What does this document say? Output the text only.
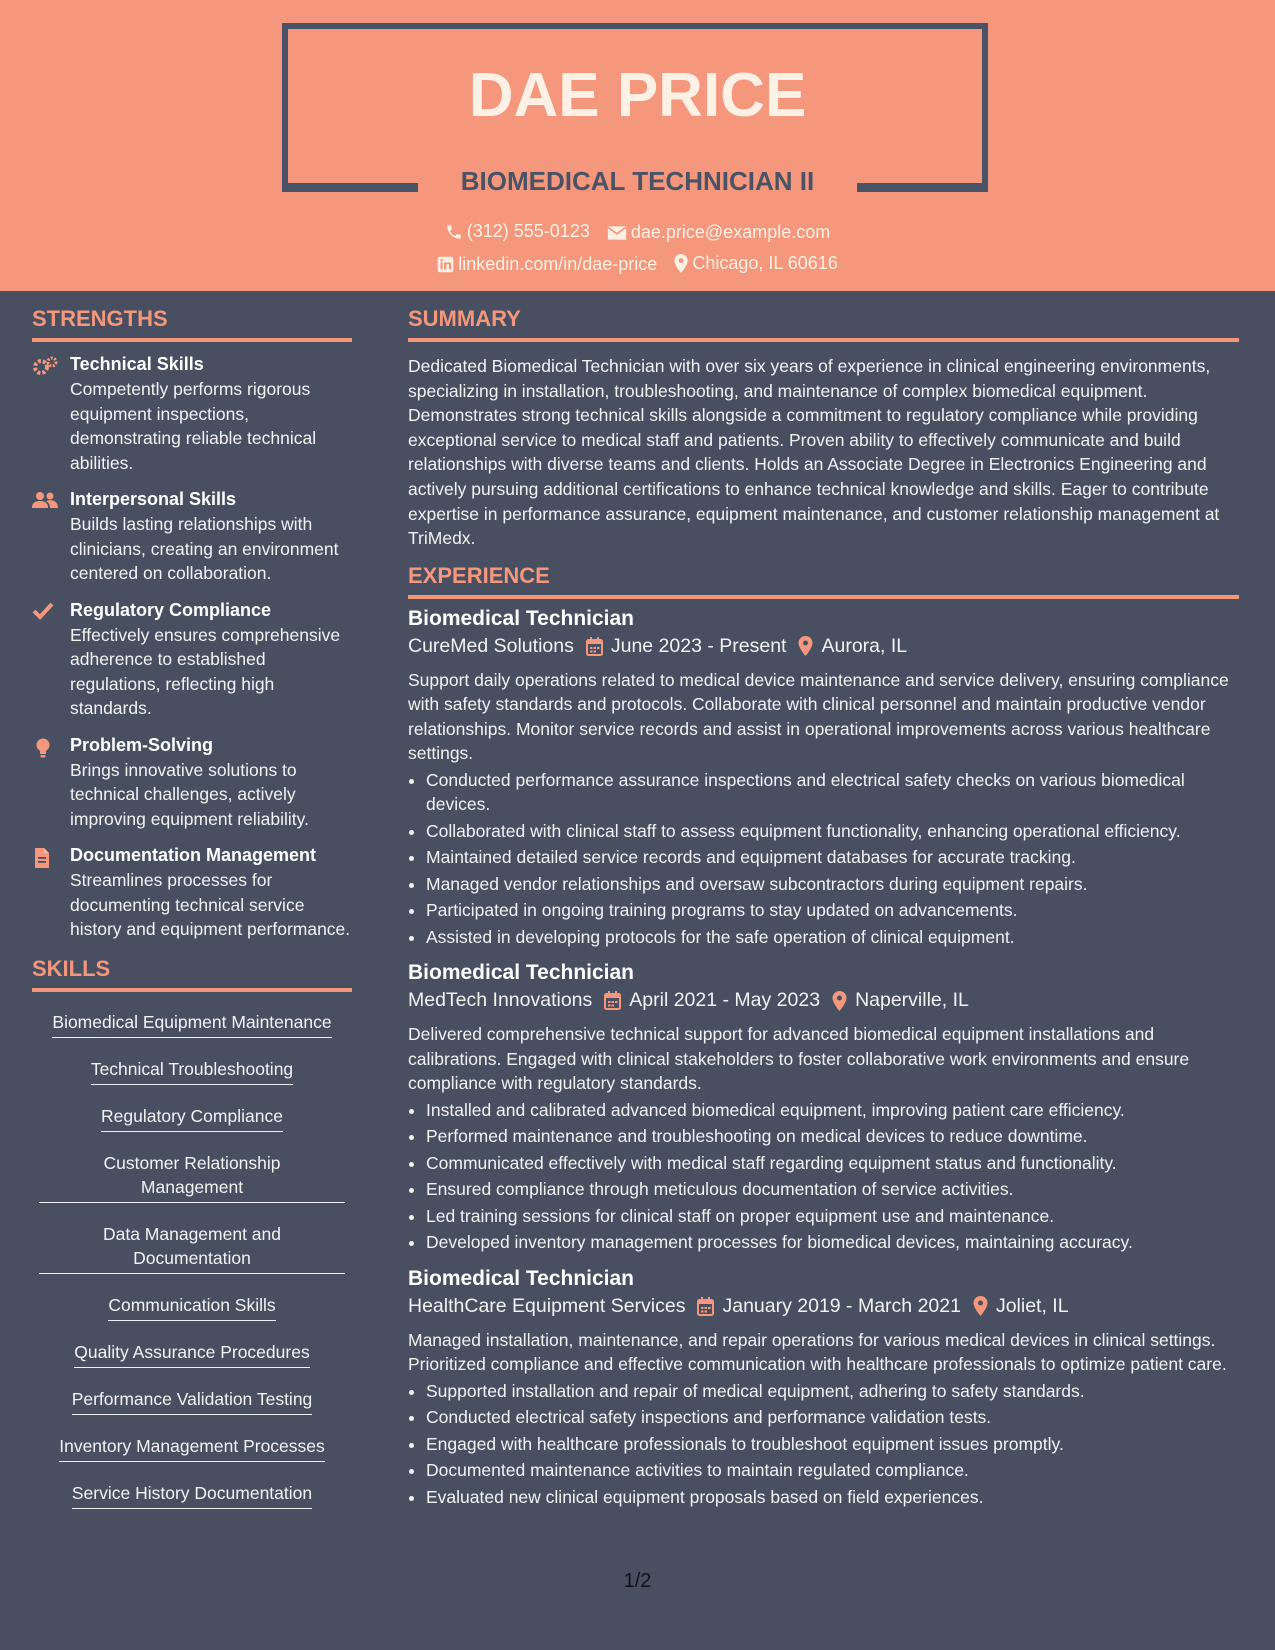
DAE PRICE
BIOMEDICAL TECHNICIAN II
(312) 555-0123
dae.price@example.com
linkedin.com/in/dae-price
Chicago, IL 60616
STRENGTHS
Technical Skills
Competently performs rigorous equipment inspections, demonstrating reliable technical abilities.
Interpersonal Skills
Builds lasting relationships with clinicians, creating an environment centered on collaboration.
Regulatory Compliance
Effectively ensures comprehensive adherence to established regulations, reflecting high standards.
Problem-Solving
Brings innovative solutions to technical challenges, actively improving equipment reliability.
Documentation Management
Streamlines processes for documenting technical service history and equipment performance.
SKILLS
Biomedical Equipment Maintenance
Technical Troubleshooting
Regulatory Compliance
Customer Relationship Management
Data Management and Documentation
Communication Skills
Quality Assurance Procedures
Performance Validation Testing
Inventory Management Processes
Service History Documentation
SUMMARY
Dedicated Biomedical Technician with over six years of experience in clinical engineering environments, specializing in installation, troubleshooting, and maintenance of complex biomedical equipment. Demonstrates strong technical skills alongside a commitment to regulatory compliance while providing exceptional service to medical staff and patients. Proven ability to effectively communicate and build relationships with diverse teams and clients. Holds an Associate Degree in Electronics Engineering and actively pursuing additional certifications to enhance technical knowledge and skills. Eager to contribute expertise in performance assurance, equipment maintenance, and customer relationship management at TriMedx.
EXPERIENCE
Biomedical Technician
CureMed Solutions June 2023 - Present Aurora, IL
Support daily operations related to medical device maintenance and service delivery, ensuring compliance with safety standards and protocols. Collaborate with clinical personnel and maintain productive vendor relationships. Monitor service records and assist in operational improvements across various healthcare settings.
• Conducted performance assurance inspections and electrical safety checks on various biomedical devices.
• Collaborated with clinical staff to assess equipment functionality, enhancing operational efficiency.
• Maintained detailed service records and equipment databases for accurate tracking.
• Managed vendor relationships and oversaw subcontractors during equipment repairs.
• Participated in ongoing training programs to stay updated on advancements.
• Assisted in developing protocols for the safe operation of clinical equipment.
Biomedical Technician
MedTech Innovations April 2021 - May 2023 Naperville, IL
Delivered comprehensive technical support for advanced biomedical equipment installations and calibrations. Engaged with clinical stakeholders to foster collaborative work environments and ensure compliance with regulatory standards.
• Installed and calibrated advanced biomedical equipment, improving patient care efficiency.
• Performed maintenance and troubleshooting on medical devices to reduce downtime.
• Communicated effectively with medical staff regarding equipment status and functionality.
• Ensured compliance through meticulous documentation of service activities.
• Led training sessions for clinical staff on proper equipment use and maintenance.
• Developed inventory management processes for biomedical devices, maintaining accuracy.
Biomedical Technician
HealthCare Equipment Services January 2019 - March 2021 Joliet, IL
Managed installation, maintenance, and repair operations for various medical devices in clinical settings. Prioritized compliance and effective communication with healthcare professionals to optimize patient care.
• Supported installation and repair of medical equipment, adhering to safety standards.
• Conducted electrical safety inspections and performance validation tests.
• Engaged with healthcare professionals to troubleshoot equipment issues promptly.
• Documented maintenance activities to maintain regulated compliance.
• Evaluated new clinical equipment proposals based on field experiences.
1/2
